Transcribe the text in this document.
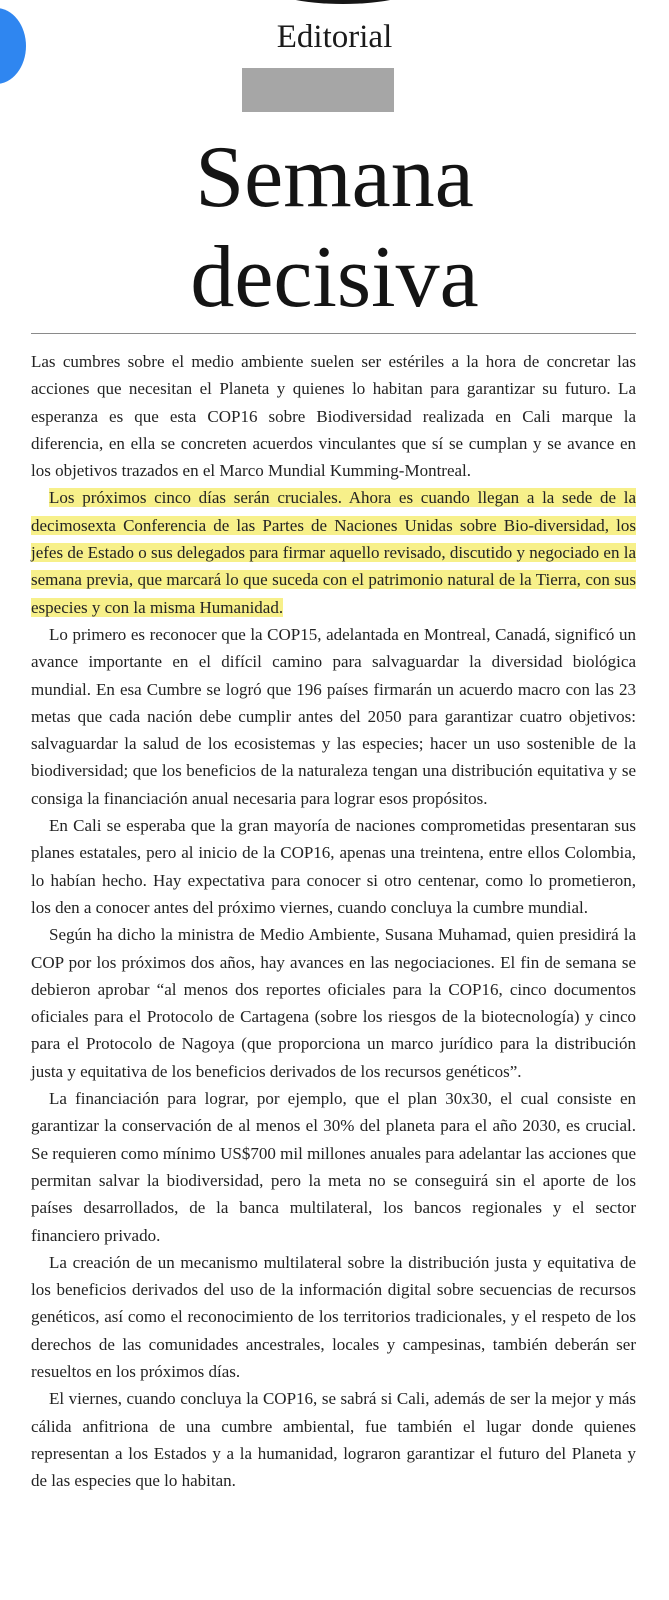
Editorial
Semana
decisiva

Las cumbres sobre el medio ambiente suelen ser estériles a la hora de concretar las acciones que necesitan el Planeta y quienes lo habitan para garantizar su futuro. La esperanza es que esta COP16 sobre Biodiversidad realizada en Cali marque la diferencia, en ella se concreten acuerdos vinculantes que sí se cumplan y se avance en los objetivos trazados en el Marco Mundial Kumming-Montreal.

Los próximos cinco días serán cruciales. Ahora es cuando llegan a la sede de la decimosexta Conferencia de las Partes de Naciones Unidas sobre Bio-diversidad, los jefes de Estado o sus delegados para firmar aquello revisado, discutido y negociado en la semana previa, que marcará lo que suceda con el patrimonio natural de la Tierra, con sus especies y con la misma Humanidad.

Lo primero es reconocer que la COP15, adelantada en Montreal, Canadá, significó un avance importante en el difícil camino para salvaguardar la diversidad biológica mundial. En esa Cumbre se logró que 196 países firmarán un acuerdo macro con las 23 metas que cada nación debe cumplir antes del 2050 para garantizar cuatro objetivos: salvaguardar la salud de los ecosistemas y las especies; hacer un uso sostenible de la biodiversidad; que los beneficios de la naturaleza tengan una distribución equitativa y se consiga la financiación anual necesaria para lograr esos propósitos.

En Cali se esperaba que la gran mayoría de naciones comprometidas presentaran sus planes estatales, pero al inicio de la COP16, apenas una treintena, entre ellos Colombia, lo habían hecho. Hay expectativa para conocer si otro centenar, como lo prometieron, los den a conocer antes del próximo viernes, cuando concluya la cumbre mundial.

Según ha dicho la ministra de Medio Ambiente, Susana Muhamad, quien presidirá la COP por los próximos dos años, hay avances en las negociaciones. El fin de semana se debieron aprobar “al menos dos reportes oficiales para la COP16, cinco documentos oficiales para el Protocolo de Cartagena (sobre los riesgos de la biotecnología) y cinco para el Protocolo de Nagoya (que proporciona un marco jurídico para la distribución justa y equitativa de los beneficios derivados de los recursos genéticos”.

La financiación para lograr, por ejemplo, que el plan 30x30, el cual consiste en garantizar la conservación de al menos el 30% del planeta para el año 2030, es crucial. Se requieren como mínimo US$700 mil millones anuales para adelantar las acciones que permitan salvar la biodiversidad, pero la meta no se conseguirá sin el aporte de los países desarrollados, de la banca multilateral, los bancos regionales y el sector financiero privado.

La creación de un mecanismo multilateral sobre la distribución justa y equitativa de los beneficios derivados del uso de la información digital sobre secuencias de recursos genéticos, así como el reconocimiento de los territorios tradicionales, y el respeto de los derechos de las comunidades ancestrales, locales y campesinas, también deberán ser resueltos en los próximos días.

El viernes, cuando concluya la COP16, se sabrá si Cali, además de ser la mejor y más cálida anfitriona de una cumbre ambiental, fue también el lugar donde quienes representan a los Estados y a la humanidad, lograron garantizar el futuro del Planeta y de las especies que lo habitan.
